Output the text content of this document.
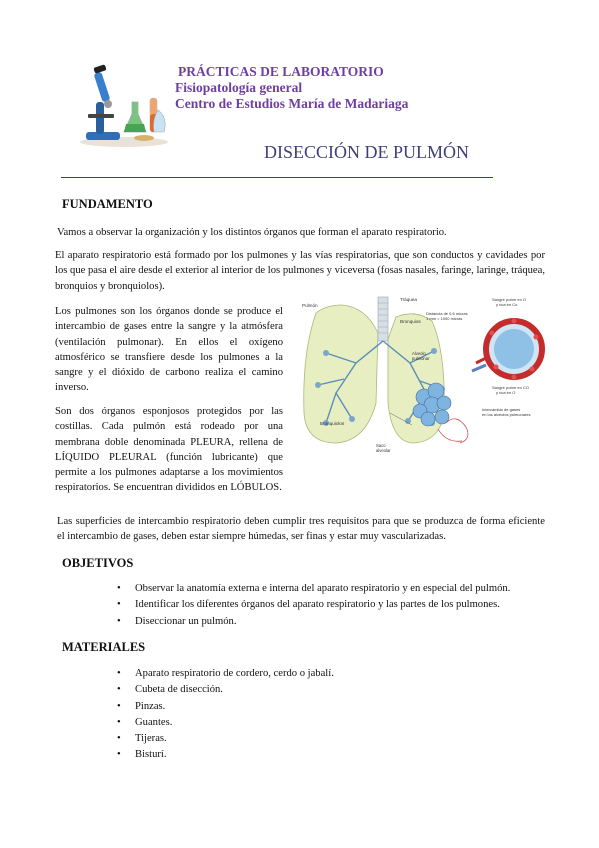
PRÁCTICAS DE LABORATORIO
Fisiopatología general
Centro de Estudios María de Madariaga
DISECCIÓN DE PULMÓN
FUNDAMENTO
Vamos a observar la organización y los distintos órganos que forman el aparato respiratorio.
El aparato respiratorio está formado por los pulmones y las vías respiratorias, que son conductos y cavidades por los que pasa el aire desde el exterior al interior de los pulmones y viceversa (fosas nasales, faringe, laringe, tráquea, bronquios y bronquiolos).
Los pulmones son los órganos donde se produce el intercambio de gases entre la sangre y la atmósfera (ventilación pulmonar). En ellos el oxígeno atmosférico se transfiere desde los pulmones a la sangre y el dióxido de carbono realiza el camino inverso.
Son dos órganos esponjosos protegidos por las costillas. Cada pulmón está rodeado por una membrana doble denominada PLEURA, rellena de LÍQUIDO PLEURAL (función lubricante) que permite a los pulmones adaptarse a los movimientos respiratorios. Se encuentran divididos en LÓBULOS.
Pulmón
Tráquea
Bronquios
Bronquiolos
Distancia de 0,6 micras
1 mm = 1000 micras
Sangre pobre en O
y rica en Co
Alveolo
pulmonar
Sangre pobre en CO
y rica en O
Intercambio de gases
en los alvéolos pulmonares
Saco
alveolar
Las superficies de intercambio respiratorio deben cumplir tres requisitos para que se produzca de forma eficiente el intercambio de gases, deben estar siempre húmedas, ser finas y estar muy vascularizadas.
OBJETIVOS
• Observar la anatomía externa e interna del aparato respiratorio y en especial del pulmón.
• Identificar los diferentes órganos del aparato respiratorio y las partes de los pulmones.
• Diseccionar un pulmón.
MATERIALES
• Aparato respiratorio de cordero, cerdo o jabalí.
• Cubeta de disección.
• Pinzas.
• Guantes.
• Tijeras.
• Bisturí.
